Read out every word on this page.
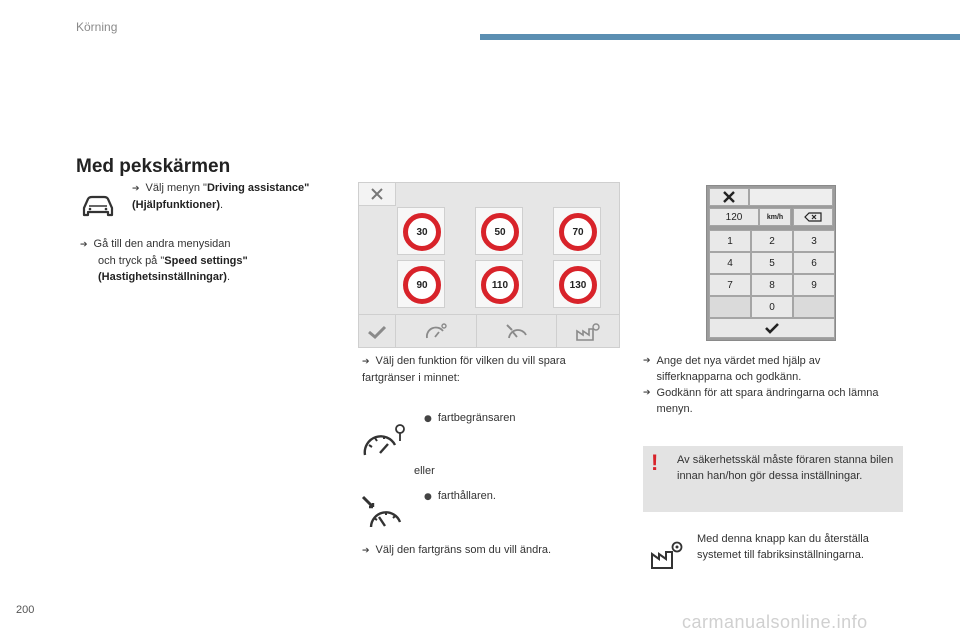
Körning
Med pekskärmen
➔ Välj menyn "Driving assistance" (Hjälpfunktioner).
➔ Gå till den andra menysidan
och tryck på "Speed settings"
(Hastighetsinställningar).
30	50	70
90	110	130
➔ Välj den funktion för vilken du vill spara fartgränser i minnet:
● fartbegränsaren
eller
● farthållaren.
➔ Välj den fartgräns som du vill ändra.
120	km/h
1	2	3
4	5	6
7	8	9
0
➔ Ange det nya värdet med hjälp av sifferknapparna och godkänn.
➔ Godkänn för att spara ändringarna och lämna menyn.
! Av säkerhetsskäl måste föraren stanna bilen innan han/hon gör dessa inställningar.
Med denna knapp kan du återställa systemet till fabriksinställningarna.
200
carmanualsonline.info
